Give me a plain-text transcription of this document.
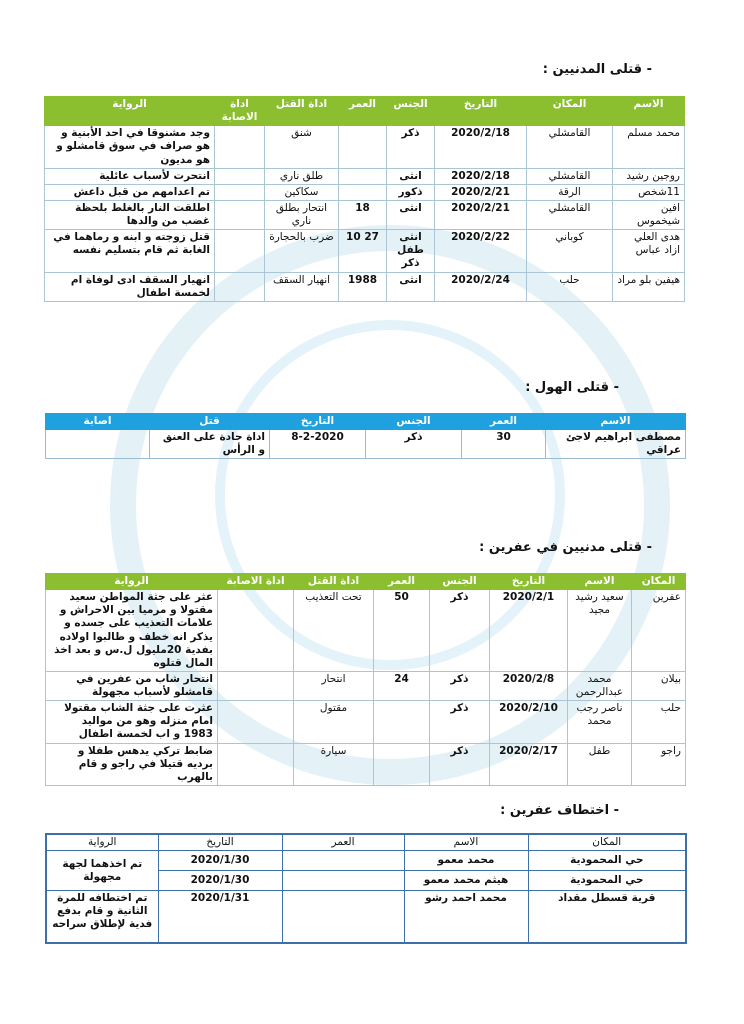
- قتلى المدنيين :
الاسم	المكان	التاريخ	الجنس	العمر	اداة القتل	اداة الاصابة	الرواية
محمد مسلم	القامشلي	2020/2/18	ذكر		شنق		وجد مشنوقا في احد الأبنية و هو صراف في سوق قامشلو و هو مديون
روجين رشيد	القامشلي	2020/2/18	انثى		طلق ناري		انتحرت لأسباب عائلية
11شخص	الرقة	2020/2/21	ذكور		سكاكين		تم اعدامهم من قبل داعش
افين شيخموس	القامشلي	2020/2/21	انثى	18	انتحار بطلق ناري		اطلقت النار بالغلط بلحظة غضب من والدها
هدى العلي ازاد عباس	كوباني	2020/2/22	انثى طفل ذكر	27 10	ضرب بالحجارة		قتل زوجته و ابنه و رماهما في الغابة ثم قام بتسليم نفسه
هيفين بلو مراد	حلب	2020/2/24	انثى	1988	انهيار السقف		انهيار السقف ادى لوفاة ام لخمسة اطفال
- قتلى الهول :
الاسم	العمر	الجنس	التاريخ	قتل	اصابة
مصطفى ابراهيم لاجئ عراقي	30	ذكر	8-2-2020	اداة حادة على العنق و الرأس	
- قتلى مدنيين في عفرين :
المكان	الاسم	التاريخ	الجنس	العمر	اداة القتل	اداة الاصابة	الرواية
عفرين	سعيد رشيد مجيد	2020/2/1	ذكر	50	تحت التعذيب		عثر على جثة المواطن سعيد مقتولا و مرميا بين الاحراش و علامات التعذيب على جسده و يذكر انه خطف و طالبوا اولاده بفدية 20مليول ل.س و بعد اخذ المال قتلوه
بيلان	محمد عبدالرحمن	2020/2/8	ذكر	24	انتحار		انتحار شاب من عفرين في قامشلو لأسباب مجهولة
حلب	ناصر رجب محمد	2020/2/10	ذكر		مقتول		عثرت على جثة الشاب مقتولا امام منزله وهو من مواليد 1983 و اب لخمسة اطفال
راجو	طفل	2020/2/17	ذكر		سيارة		ضابط تركي يدهس طفلا و برديه قتيلا في راجو و قام بالهرب
- اختطاف عفرين :
المكان	الاسم	العمر	التاريخ	الرواية
حي المحمودية	محمد معمو		2020/1/30	تم اخذهما لجهة مجهولة
حي المحمودية	هيثم محمد معمو		2020/1/30	
قرية قسطل مقداد	محمد احمد رشو		2020/1/31	تم اختطافه للمرة الثانية و قام بدفع فدية لإطلاق سراحه
